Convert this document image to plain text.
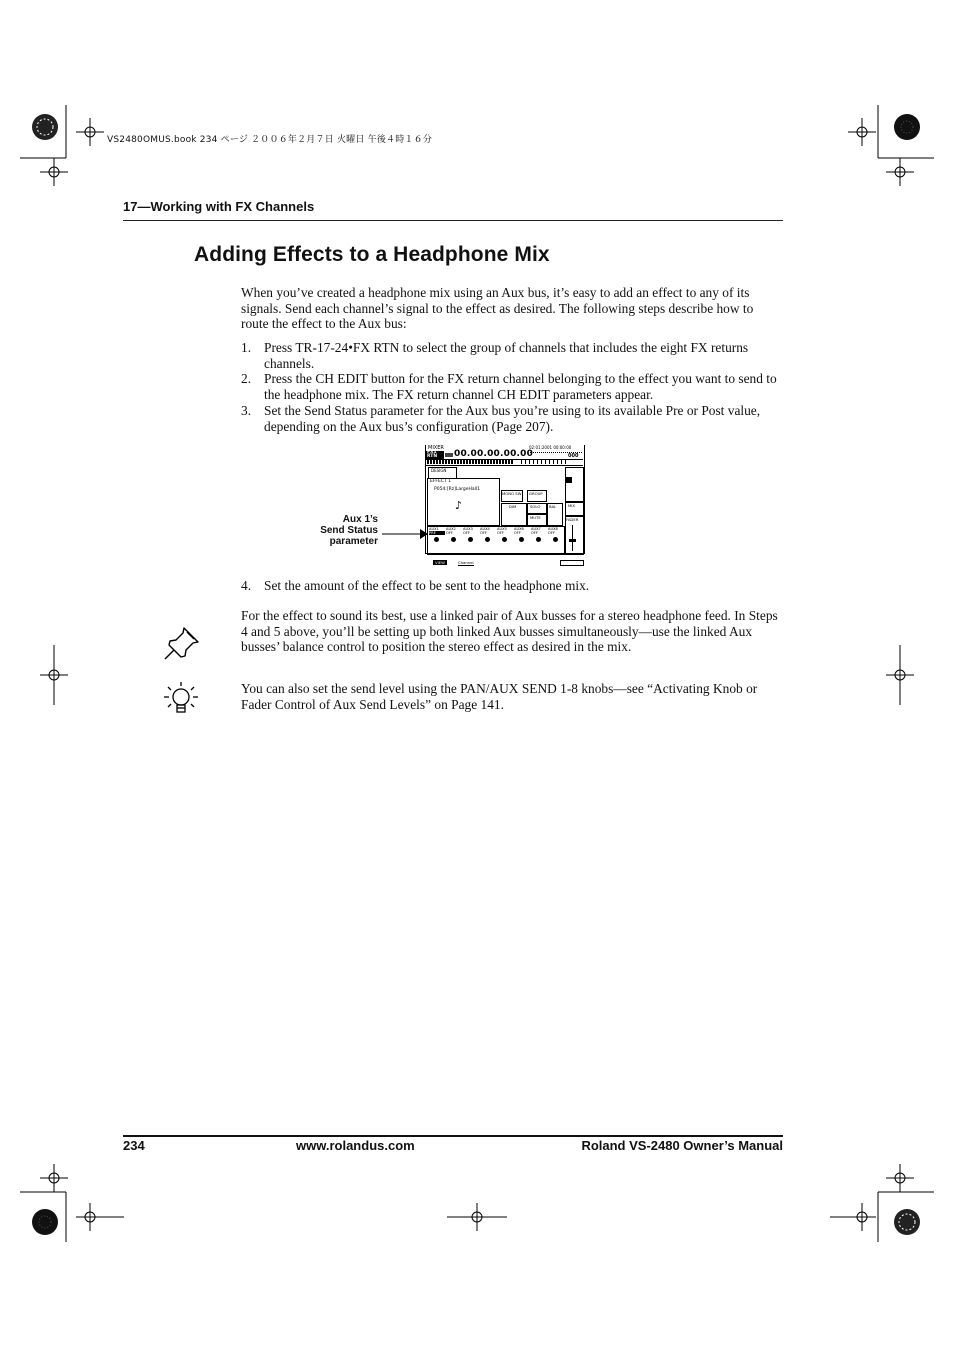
VS2480OMUS.book 234 ページ ２００６年２月７日 火曜日 午後４時１６分
17—Working with FX Channels
Adding Effects to a Headphone Mix
When you’ve created a headphone mix using an Aux bus, it’s easy to add an effect to any of its signals. Send each channel’s signal to the effect as desired. The following steps describe how to route the effect to the Aux bus:
1. Press TR-17-24•FX RTN to select the group of channels that includes the eight FX returns channels.
2. Press the CH EDIT button for the FX return channel belonging to the effect you want to send to the headphone mix. The FX return channel CH EDIT parameters appear.
3. Set the Send Status parameter for the Aux bus you’re using to its available Pre or Post value, depending on the Aux bus’s configuration (Page 207).
Aux 1’s
Send Status
parameter
MIXER	02:01:2001 00:00:00
FX1 RTN	00.00.00.00.00	000
DESIGN
EFFECT 1
P054:[Rz]LargeHall1
♪
MONO SW GROUP
DIM	SOLO
MUTE
BAL	MIX
FADER
AUX1
PRE
AUX2
OFF
AUX3
OFF
AUX4
OFF
AUX5
OFF
AUX6
OFF
AUX7
OFF
AUX8
OFF
VIEW	Channel
4. Set the amount of the effect to be sent to the headphone mix.
For the effect to sound its best, use a linked pair of Aux busses for a stereo headphone feed. In Steps 4 and 5 above, you’ll be setting up both linked Aux busses simultaneously—use the linked Aux busses’ balance control to position the stereo effect as desired in the mix.
You can also set the send level using the PAN/AUX SEND 1-8 knobs—see “Activating Knob or Fader Control of Aux Send Levels” on Page 141.
234	www.rolandus.com	Roland VS-2480 Owner’s Manual
